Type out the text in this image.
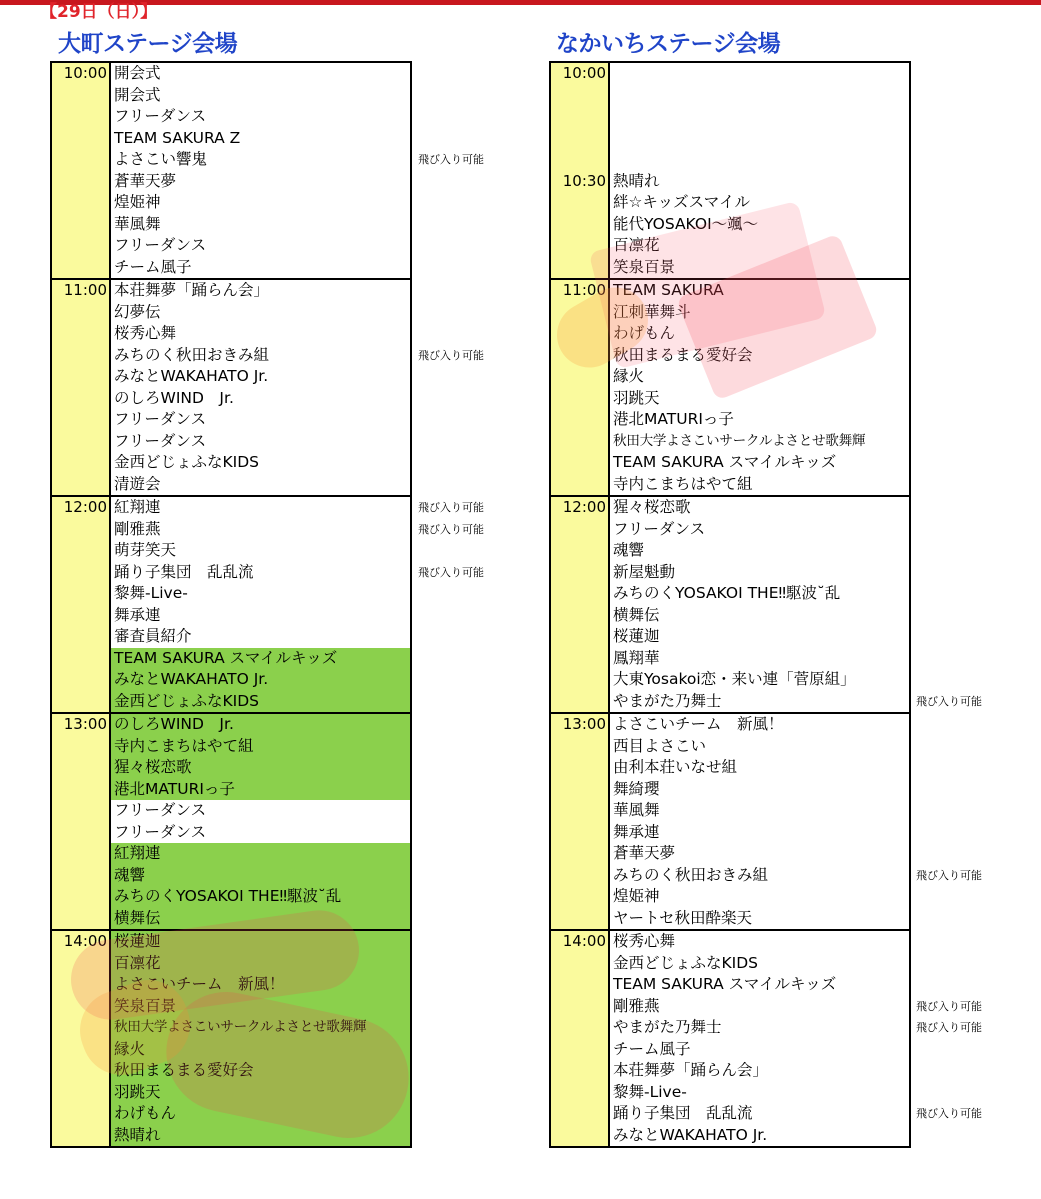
【29日（日）】
大町ステージ会場	なかいちステージ会場
10:00 開会式
開会式
フリーダンス
TEAM SAKURA Z
よさこい響鬼
蒼華天夢
煌姫神
華風舞
フリーダンス
チーム風子
11:00 本荘舞夢「踊らん会」
幻夢伝
桜秀心舞
みちのく秋田おきみ組
みなとWAKAHATO Jr.
のしろWIND　Jr.
フリーダンス
フリーダンス
金西どじょふなKIDS
清遊会
12:00 紅翔連
剛雅燕
萌芽笑天
踊り子集団　乱乱流
黎舞-Live-
舞承連
審査員紹介
TEAM SAKURA スマイルキッズ
みなとWAKAHATO Jr.
金西どじょふなKIDS
13:00 のしろWIND　Jr.
寺内こまちはやて組
猩々桜恋歌
港北MATURIっ子
フリーダンス
フリーダンス
紅翔連
魂響
みちのくYOSAKOI THE‼駆波˘乱
横舞伝
14:00 桜蓮迦
百凛花
よさこいチーム　新風！
笑泉百景
秋田大学よさこいサークルよさとせ歌舞輝
縁火
秋田まるまる愛好会
羽跳天
わげもん
熱晴れ
10:00
10:30 熱晴れ
絆☆キッズスマイル
能代YOSAKOI～颯～
百凛花
笑泉百景
11:00 TEAM SAKURA
江刺華舞斗
わげもん
秋田まるまる愛好会
縁火
羽跳天
港北MATURIっ子
秋田大学よさこいサークルよさとせ歌舞輝
TEAM SAKURA スマイルキッズ
寺内こまちはやて組
12:00 猩々桜恋歌
フリーダンス
魂響
新屋魁動
みちのくYOSAKOI THE‼駆波˘乱
横舞伝
桜蓮迦
鳳翔華
大東Yosakoi恋・来い連「菅原組」
やまがた乃舞士
13:00 よさこいチーム　新風！
西目よさこい
由利本荘いなせ組
舞綺瓔
華風舞
舞承連
蒼華天夢
みちのく秋田おきみ組
煌姫神
ヤートセ秋田酔楽天
14:00 桜秀心舞
金西どじょふなKIDS
TEAM SAKURA スマイルキッズ
剛雅燕
やまがた乃舞士
チーム風子
本荘舞夢「踊らん会」
黎舞-Live-
踊り子集団　乱乱流
みなとWAKAHATO Jr.
飛び入り可能
飛び入り可能
飛び入り可能
飛び入り可能
飛び入り可能
飛び入り可能
飛び入り可能
飛び入り可能
飛び入り可能
飛び入り可能
